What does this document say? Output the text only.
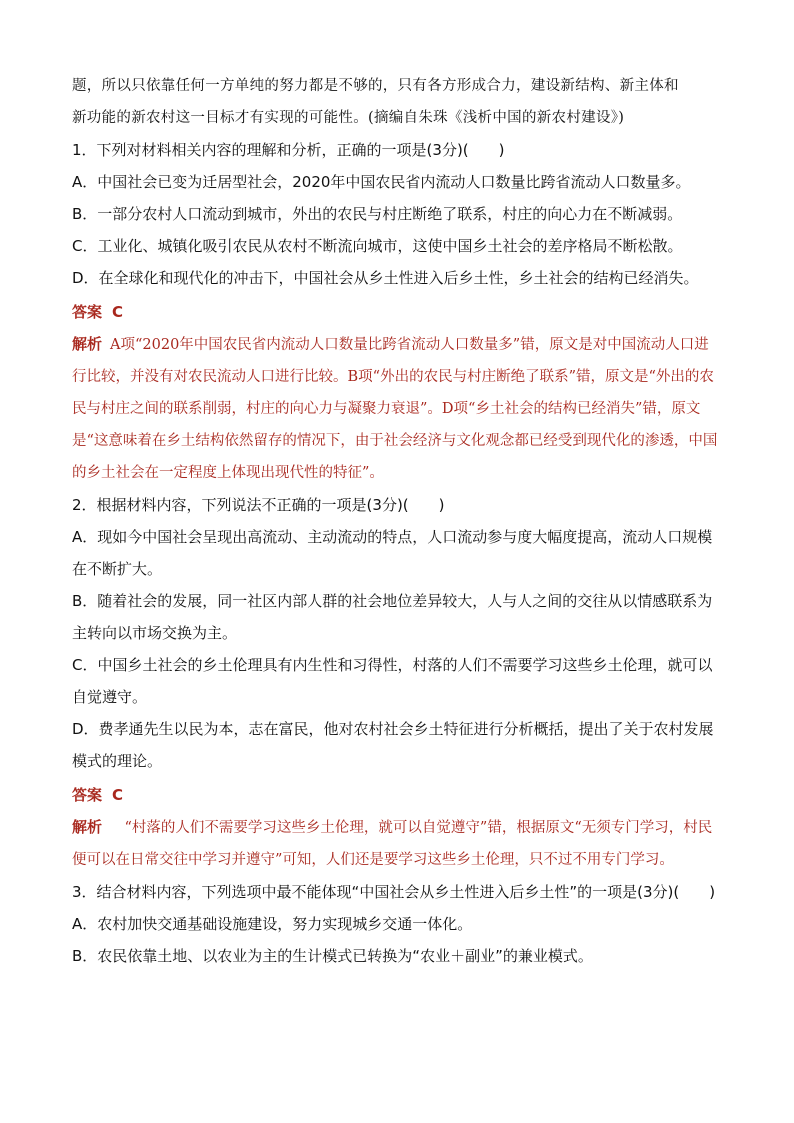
题，所以只依靠任何一方单纯的努力都是不够的，只有各方形成合力，建设新结构、新主体和

新功能的新农村这一目标才有实现的可能性。(摘编自朱珠《浅析中国的新农村建设》)

1．下列对材料相关内容的理解和分析，正确的一项是(3分)(　　)

A．中国社会已变为迁居型社会，2020年中国农民省内流动人口数量比跨省流动人口数量多。

B．一部分农村人口流动到城市，外出的农民与村庄断绝了联系，村庄的向心力在不断减弱。

C．工业化、城镇化吸引农民从农村不断流向城市，这使中国乡土社会的差序格局不断松散。

D．在全球化和现代化的冲击下，中国社会从乡土性进入后乡土性，乡土社会的结构已经消失。

答案 C

解析 A项“2020年中国农民省内流动人口数量比跨省流动人口数量多”错，原文是对中国流动人口进行比较，并没有对农民流动人口进行比较。B项“外出的农民与村庄断绝了联系”错，原文是“外出的农民与村庄之间的联系削弱，村庄的向心力与凝聚力衰退”。D项“乡土社会的结构已经消失”错，原文是“这意味着在乡土结构依然留存的情况下，由于社会经济与文化观念都已经受到现代化的渗透，中国的乡土社会在一定程度上体现出现代性的特征”。

2．根据材料内容，下列说法不正确的一项是(3分)(　　)

A．现如今中国社会呈现出高流动、主动流动的特点，人口流动参与度大幅度提高，流动人口规模在不断扩大。

B．随着社会的发展，同一社区内部人群的社会地位差异较大，人与人之间的交往从以情感联系为主转向以市场交换为主。

C．中国乡土社会的乡土伦理具有内生性和习得性，村落的人们不需要学习这些乡土伦理，就可以自觉遵守。

D．费孝通先生以民为本，志在富民，他对农村社会乡土特征进行分析概括，提出了关于农村发展模式的理论。

答案 C

解析　“村落的人们不需要学习这些乡土伦理，就可以自觉遵守”错，根据原文“无须专门学习，村民便可以在日常交往中学习并遵守”可知，人们还是要学习这些乡土伦理，只不过不用专门学习。

3．结合材料内容，下列选项中最不能体现“中国社会从乡土性进入后乡土性”的一项是(3分)(　　)

A．农村加快交通基础设施建设，努力实现城乡交通一体化。

B．农民依靠土地、以农业为主的生计模式已转换为“农业＋副业”的兼业模式。
